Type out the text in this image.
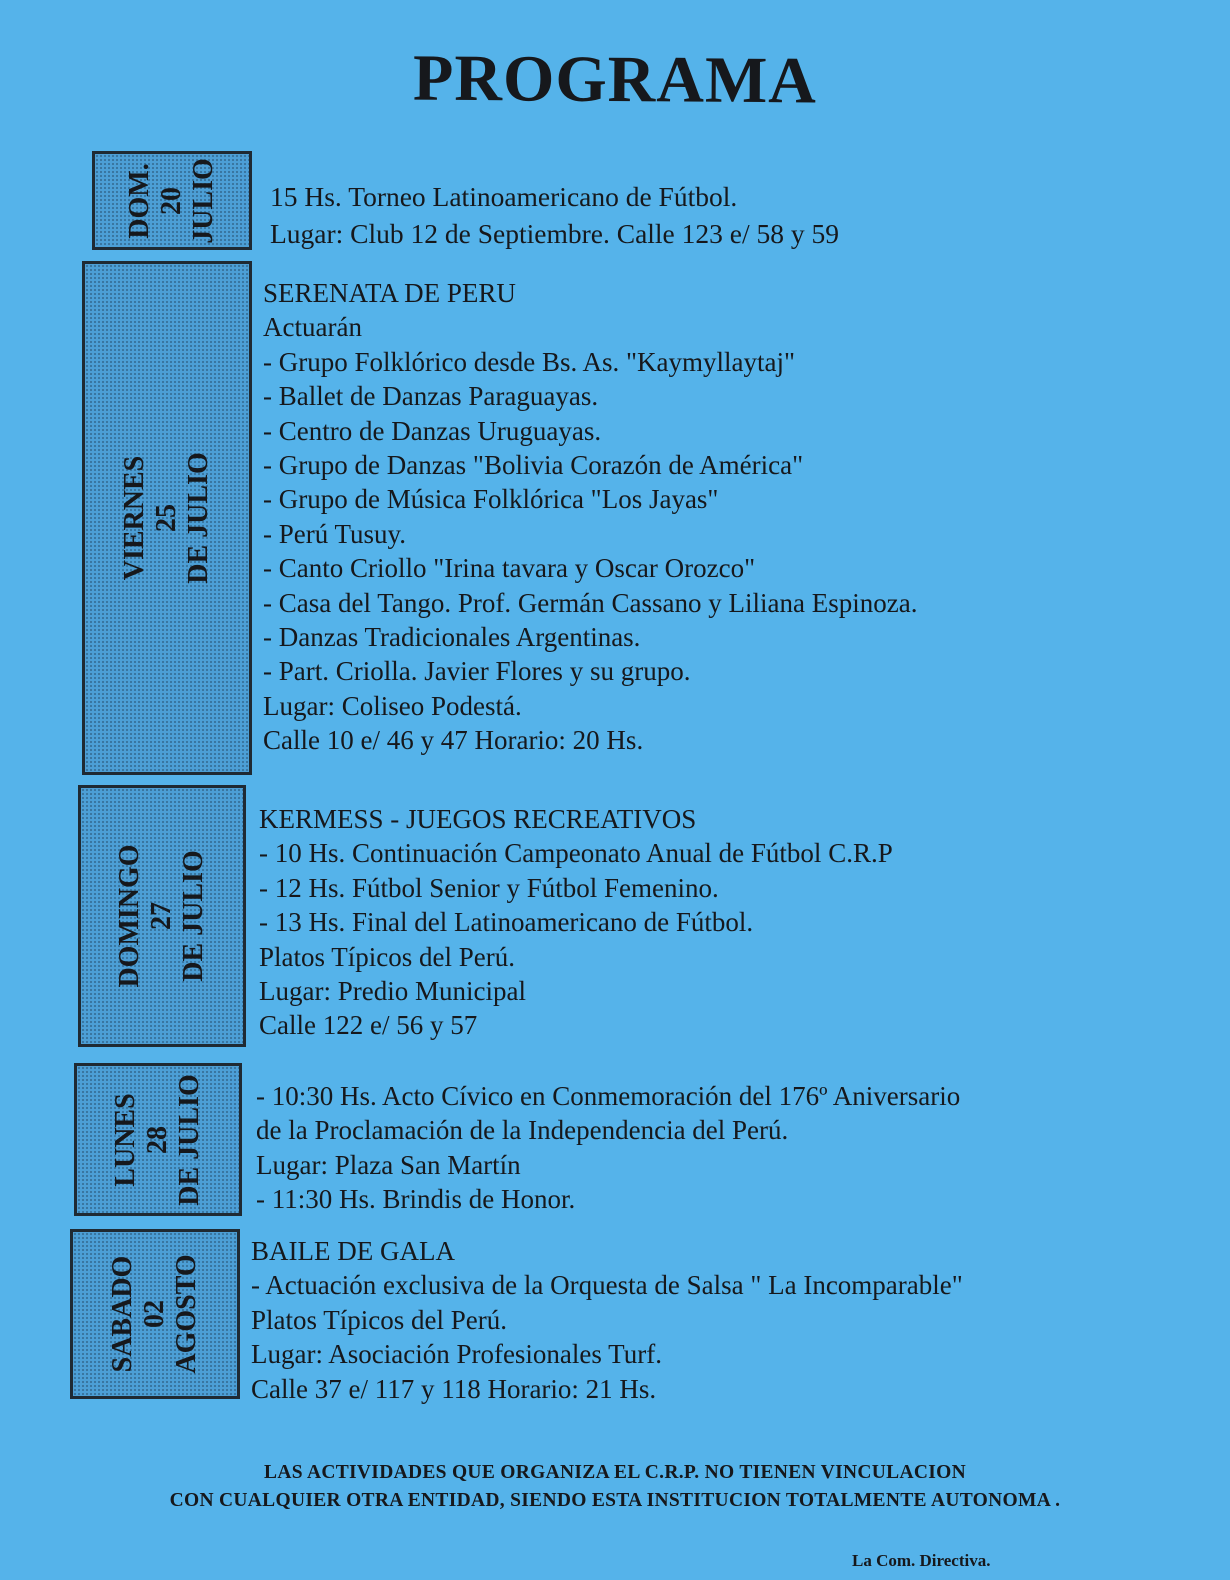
PROGRAMA
DOM. 20 JULIO 15 Hs. Torneo Latinoamericano de Fútbol.
Lugar: Club 12 de Septiembre. Calle 123 e/ 58 y 59
VIERNES 25 DE JULIO
SERENATA DE PERU
Actuarán
- Grupo Folklórico desde Bs. As. "Kaymyllaytaj"
- Ballet de Danzas Paraguayas.
- Centro de Danzas Uruguayas.
- Grupo de Danzas "Bolivia Corazón de América"
- Grupo de Música Folklórica "Los Jayas"
- Perú Tusuy.
- Canto Criollo "Irina tavara y Oscar Orozco"
- Casa del Tango. Prof. Germán Cassano y Liliana Espinoza.
- Danzas Tradicionales Argentinas.
- Part. Criolla. Javier Flores y su grupo.
Lugar: Coliseo Podestá.
Calle 10 e/ 46 y 47 Horario: 20 Hs.
DOMINGO 27 DE JULIO
KERMESS - JUEGOS RECREATIVOS
- 10 Hs. Continuación Campeonato Anual de Fútbol C.R.P
- 12 Hs. Fútbol Senior y Fútbol Femenino.
- 13 Hs. Final del Latinoamericano de Fútbol.
Platos Típicos del Perú.
Lugar: Predio Municipal
Calle 122 e/ 56 y 57
LUNES 28 DE JULIO - 10:30 Hs. Acto Cívico en Conmemoración del 176º Aniversario
de la Proclamación de la Independencia del Perú.
Lugar: Plaza San Martín
- 11:30 Hs. Brindis de Honor.
SABADO 02 AGOSTO
BAILE DE GALA
- Actuación exclusiva de la Orquesta de Salsa " La Incomparable"
Platos Típicos del Perú.
Lugar: Asociación Profesionales Turf.
Calle 37 e/ 117 y 118 Horario: 21 Hs.
LAS ACTIVIDADES QUE ORGANIZA EL C.R.P. NO TIENEN VINCULACION
CON CUALQUIER OTRA ENTIDAD, SIENDO ESTA INSTITUCION TOTALMENTE AUTONOMA .
La Com. Directiva.
